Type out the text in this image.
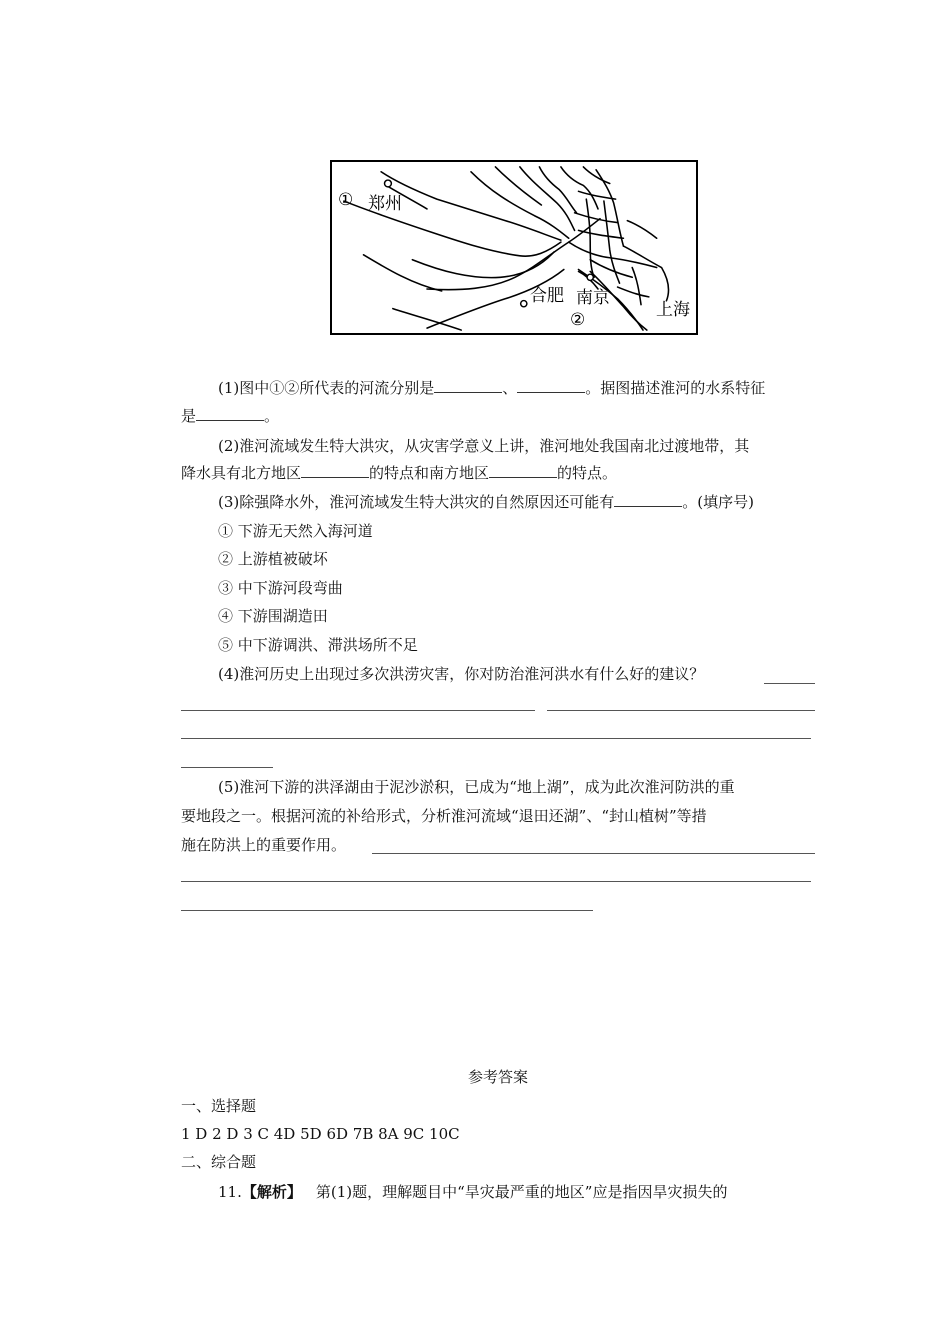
① 郑州
合肥 南京
②	上海
(1)图中①②所代表的河流分别是	、	。据图描述淮河的水系特征
是	。
(2)淮河流域发生特大洪灾，从灾害学意义上讲，淮河地处我国南北过渡地带，其
降水具有北方地区	的特点和南方地区	的特点。
(3)除强降水外，淮河流域发生特大洪灾的自然原因还可能有	。(填序号)
① 下游无天然入海河道
② 上游植被破坏
③ 中下游河段弯曲
④ 下游围湖造田
⑤ 中下游调洪、滞洪场所不足
(4)淮河历史上出现过多次洪涝灾害，你对防治淮河洪水有什么好的建议？
(5)淮河下游的洪泽湖由于泥沙淤积，已成为“地上湖”，成为此次淮河防洪的重
要地段之一。根据河流的补给形式，分析淮河流域“退田还湖”、“封山植树”等措
施在防洪上的重要作用。
参考答案
一、选择题
1 D 2 D 3 C 4D 5D 6D 7B 8A 9C 10C
二、综合题
11.【解析】 第(1)题，理解题目中“旱灾最严重的地区”应是指因旱灾损失的
